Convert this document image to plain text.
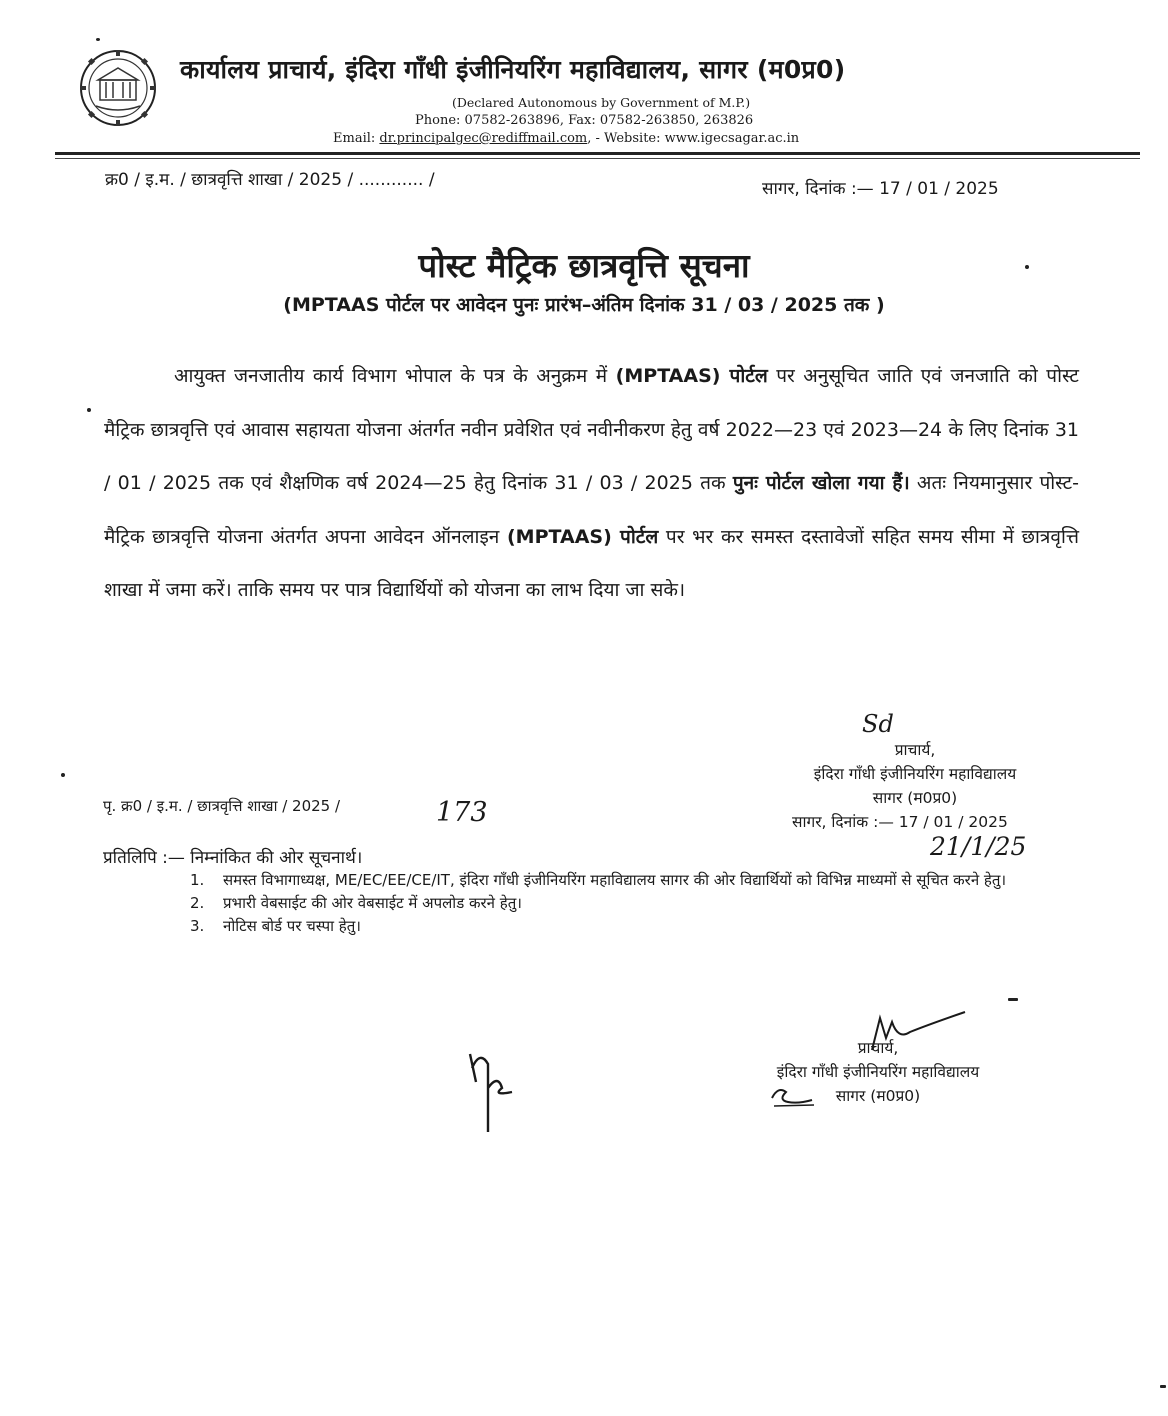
कार्यालय प्राचार्य, इंदिरा गाँधी इंजीनियरिंग महाविद्यालय, सागर (म0प्र0)
(Declared Autonomous by Government of M.P.)
Phone: 07582-263896, Fax: 07582-263850, 263826
Email: dr.principalgec@rediffmail.com, - Website: www.igecsagar.ac.in
क्र0 / इ.म. / छात्रवृत्ति शाखा / 2025 / ............ /	सागर, दिनांक :— 17 / 01 / 2025
पोस्ट मैट्रिक छात्रवृत्ति सूचना
(MPTAAS पोर्टल पर आवेदन पुनः प्रारंभ–अंतिम दिनांक 31 / 03 / 2025 तक )
आयुक्त जनजातीय कार्य विभाग भोपाल के पत्र के अनुक्रम में (MPTAAS) पोर्टल पर अनुसूचित जाति एवं जनजाति को पोस्ट मैट्रिक छात्रवृत्ति एवं आवास सहायता योजना अंतर्गत नवीन प्रवेशित एवं नवीनीकरण हेतु वर्ष 2022—23 एवं 2023—24 के लिए दिनांक 31 / 01 / 2025 तक एवं शैक्षणिक वर्ष 2024—25 हेतु दिनांक 31 / 03 / 2025 तक पुनः पोर्टल खोला गया हैं। अतः नियमानुसार पोस्ट-मैट्रिक छात्रवृत्ति योजना अंतर्गत अपना आवेदन ऑनलाइन (MPTAAS) पोर्टल पर भर कर समस्त दस्तावेजों सहित समय सीमा में छात्रवृत्ति शाखा में जमा करें। ताकि समय पर पात्र विद्यार्थियों को योजना का लाभ दिया जा सके।
Sd
प्राचार्य,
इंदिरा गाँधी इंजीनियरिंग महाविद्यालय
सागर (म0प्र0)
सागर, दिनांक :— 17 / 01 / 2025
पृ. क्र0 / इ.म. / छात्रवृत्ति शाखा / 2025 /	173
21/1/25
प्रतिलिपि :— निम्नांकित की ओर सूचनार्थ।
1. समस्त विभागाध्यक्ष, ME/EC/EE/CE/IT, इंदिरा गाँधी इंजीनियरिंग महाविद्यालय सागर की ओर विद्यार्थियों को विभिन्न माध्यमों से सूचित करने हेतु।
2. प्रभारी वेबसाईट की ओर वेबसाईट में अपलोड करने हेतु।
3. नोटिस बोर्ड पर चस्पा हेतु।
प्राचार्य,
इंदिरा गाँधी इंजीनियरिंग महाविद्यालय
सागर (म0प्र0)
